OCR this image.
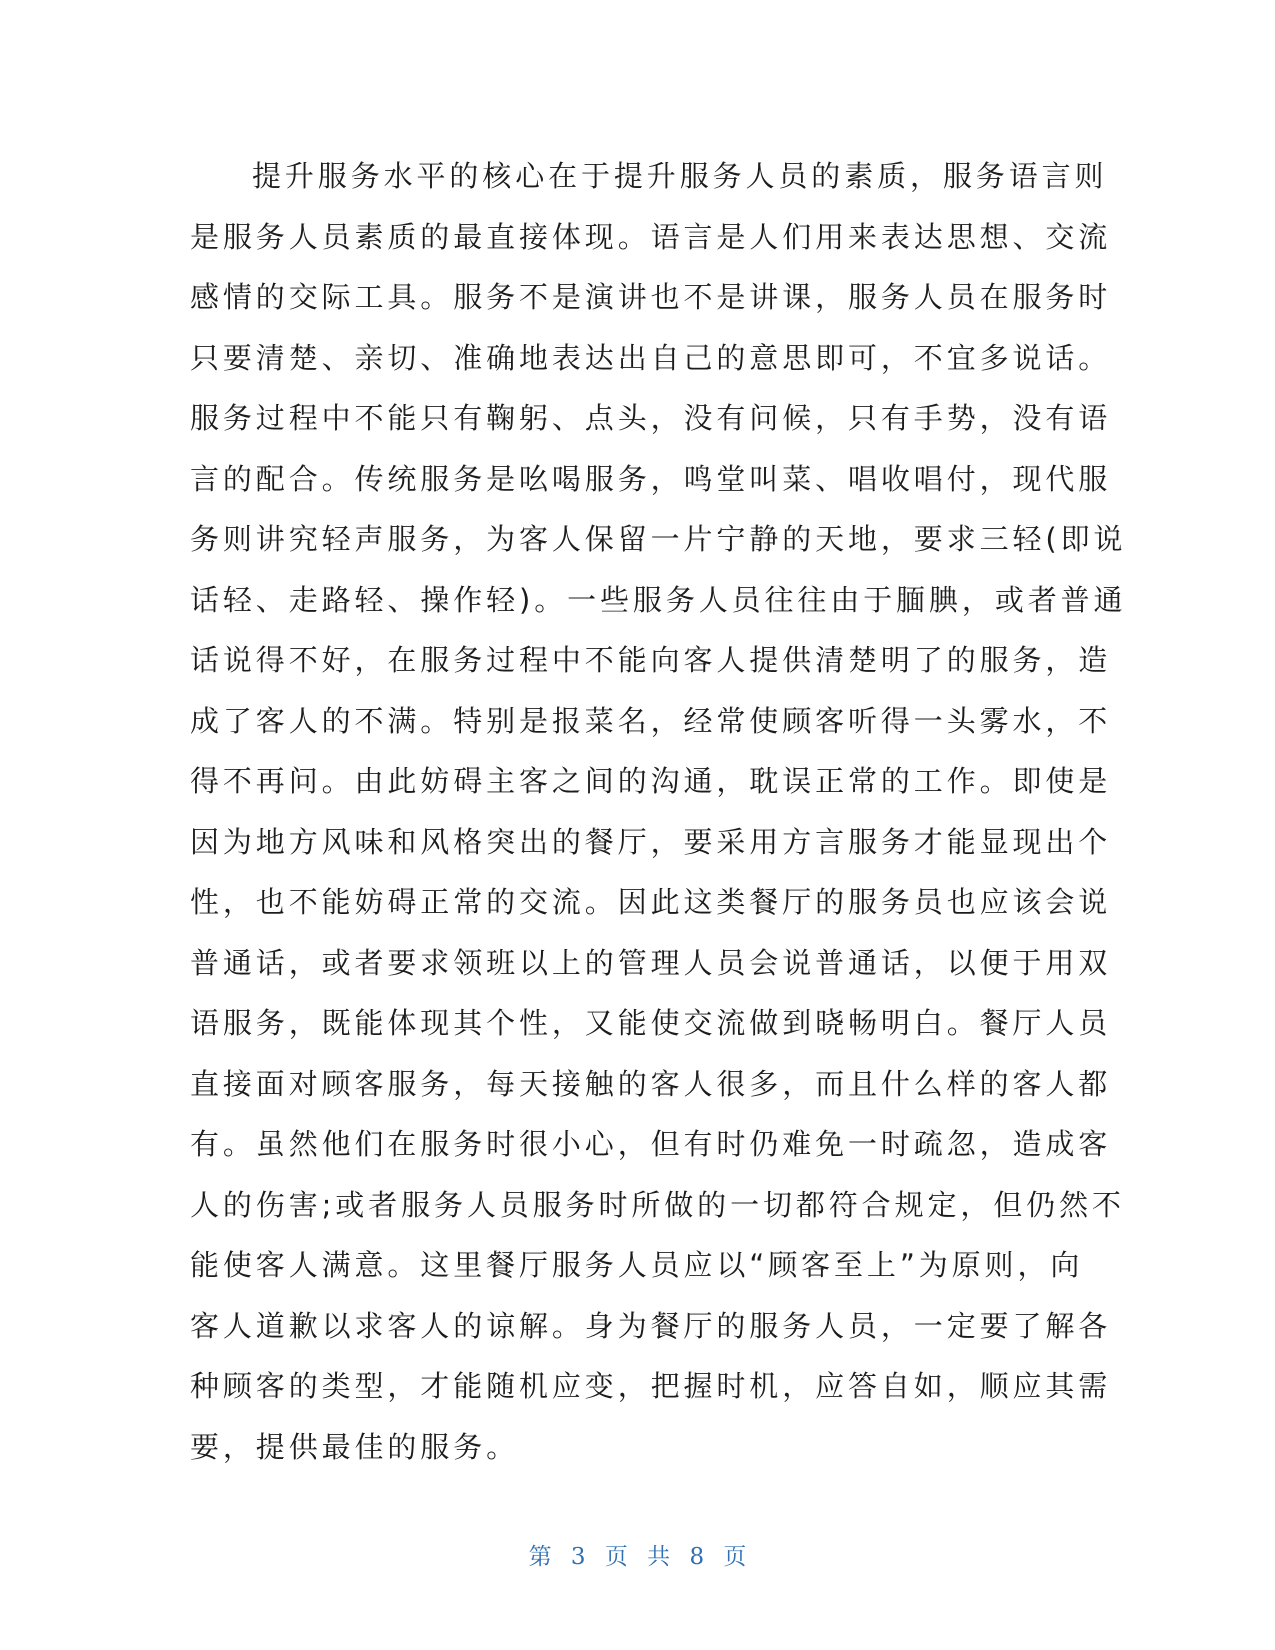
提升服务水平的核心在于提升服务人员的素质，服务语言则
是服务人员素质的最直接体现。语言是人们用来表达思想、交流
感情的交际工具。服务不是演讲也不是讲课，服务人员在服务时
只要清楚、亲切、准确地表达出自己的意思即可，不宜多说话。
服务过程中不能只有鞠躬、点头，没有问候，只有手势，没有语
言的配合。传统服务是吆喝服务，鸣堂叫菜、唱收唱付，现代服
务则讲究轻声服务，为客人保留一片宁静的天地，要求三轻(即说
话轻、走路轻、操作轻)。一些服务人员往往由于腼腆，或者普通
话说得不好，在服务过程中不能向客人提供清楚明了的服务，造
成了客人的不满。特别是报菜名，经常使顾客听得一头雾水，不
得不再问。由此妨碍主客之间的沟通，耽误正常的工作。即使是
因为地方风味和风格突出的餐厅，要采用方言服务才能显现出个
性，也不能妨碍正常的交流。因此这类餐厅的服务员也应该会说
普通话，或者要求领班以上的管理人员会说普通话，以便于用双
语服务，既能体现其个性，又能使交流做到晓畅明白。餐厅人员
直接面对顾客服务，每天接触的客人很多，而且什么样的客人都
有。虽然他们在服务时很小心，但有时仍难免一时疏忽，造成客
人的伤害;或者服务人员服务时所做的一切都符合规定，但仍然不
能使客人满意。这里餐厅服务人员应以“顾客至上”为原则，向
客人道歉以求客人的谅解。身为餐厅的服务人员，一定要了解各
种顾客的类型，才能随机应变，把握时机，应答自如，顺应其需
要，提供最佳的服务。
第 3 页 共 8 页
